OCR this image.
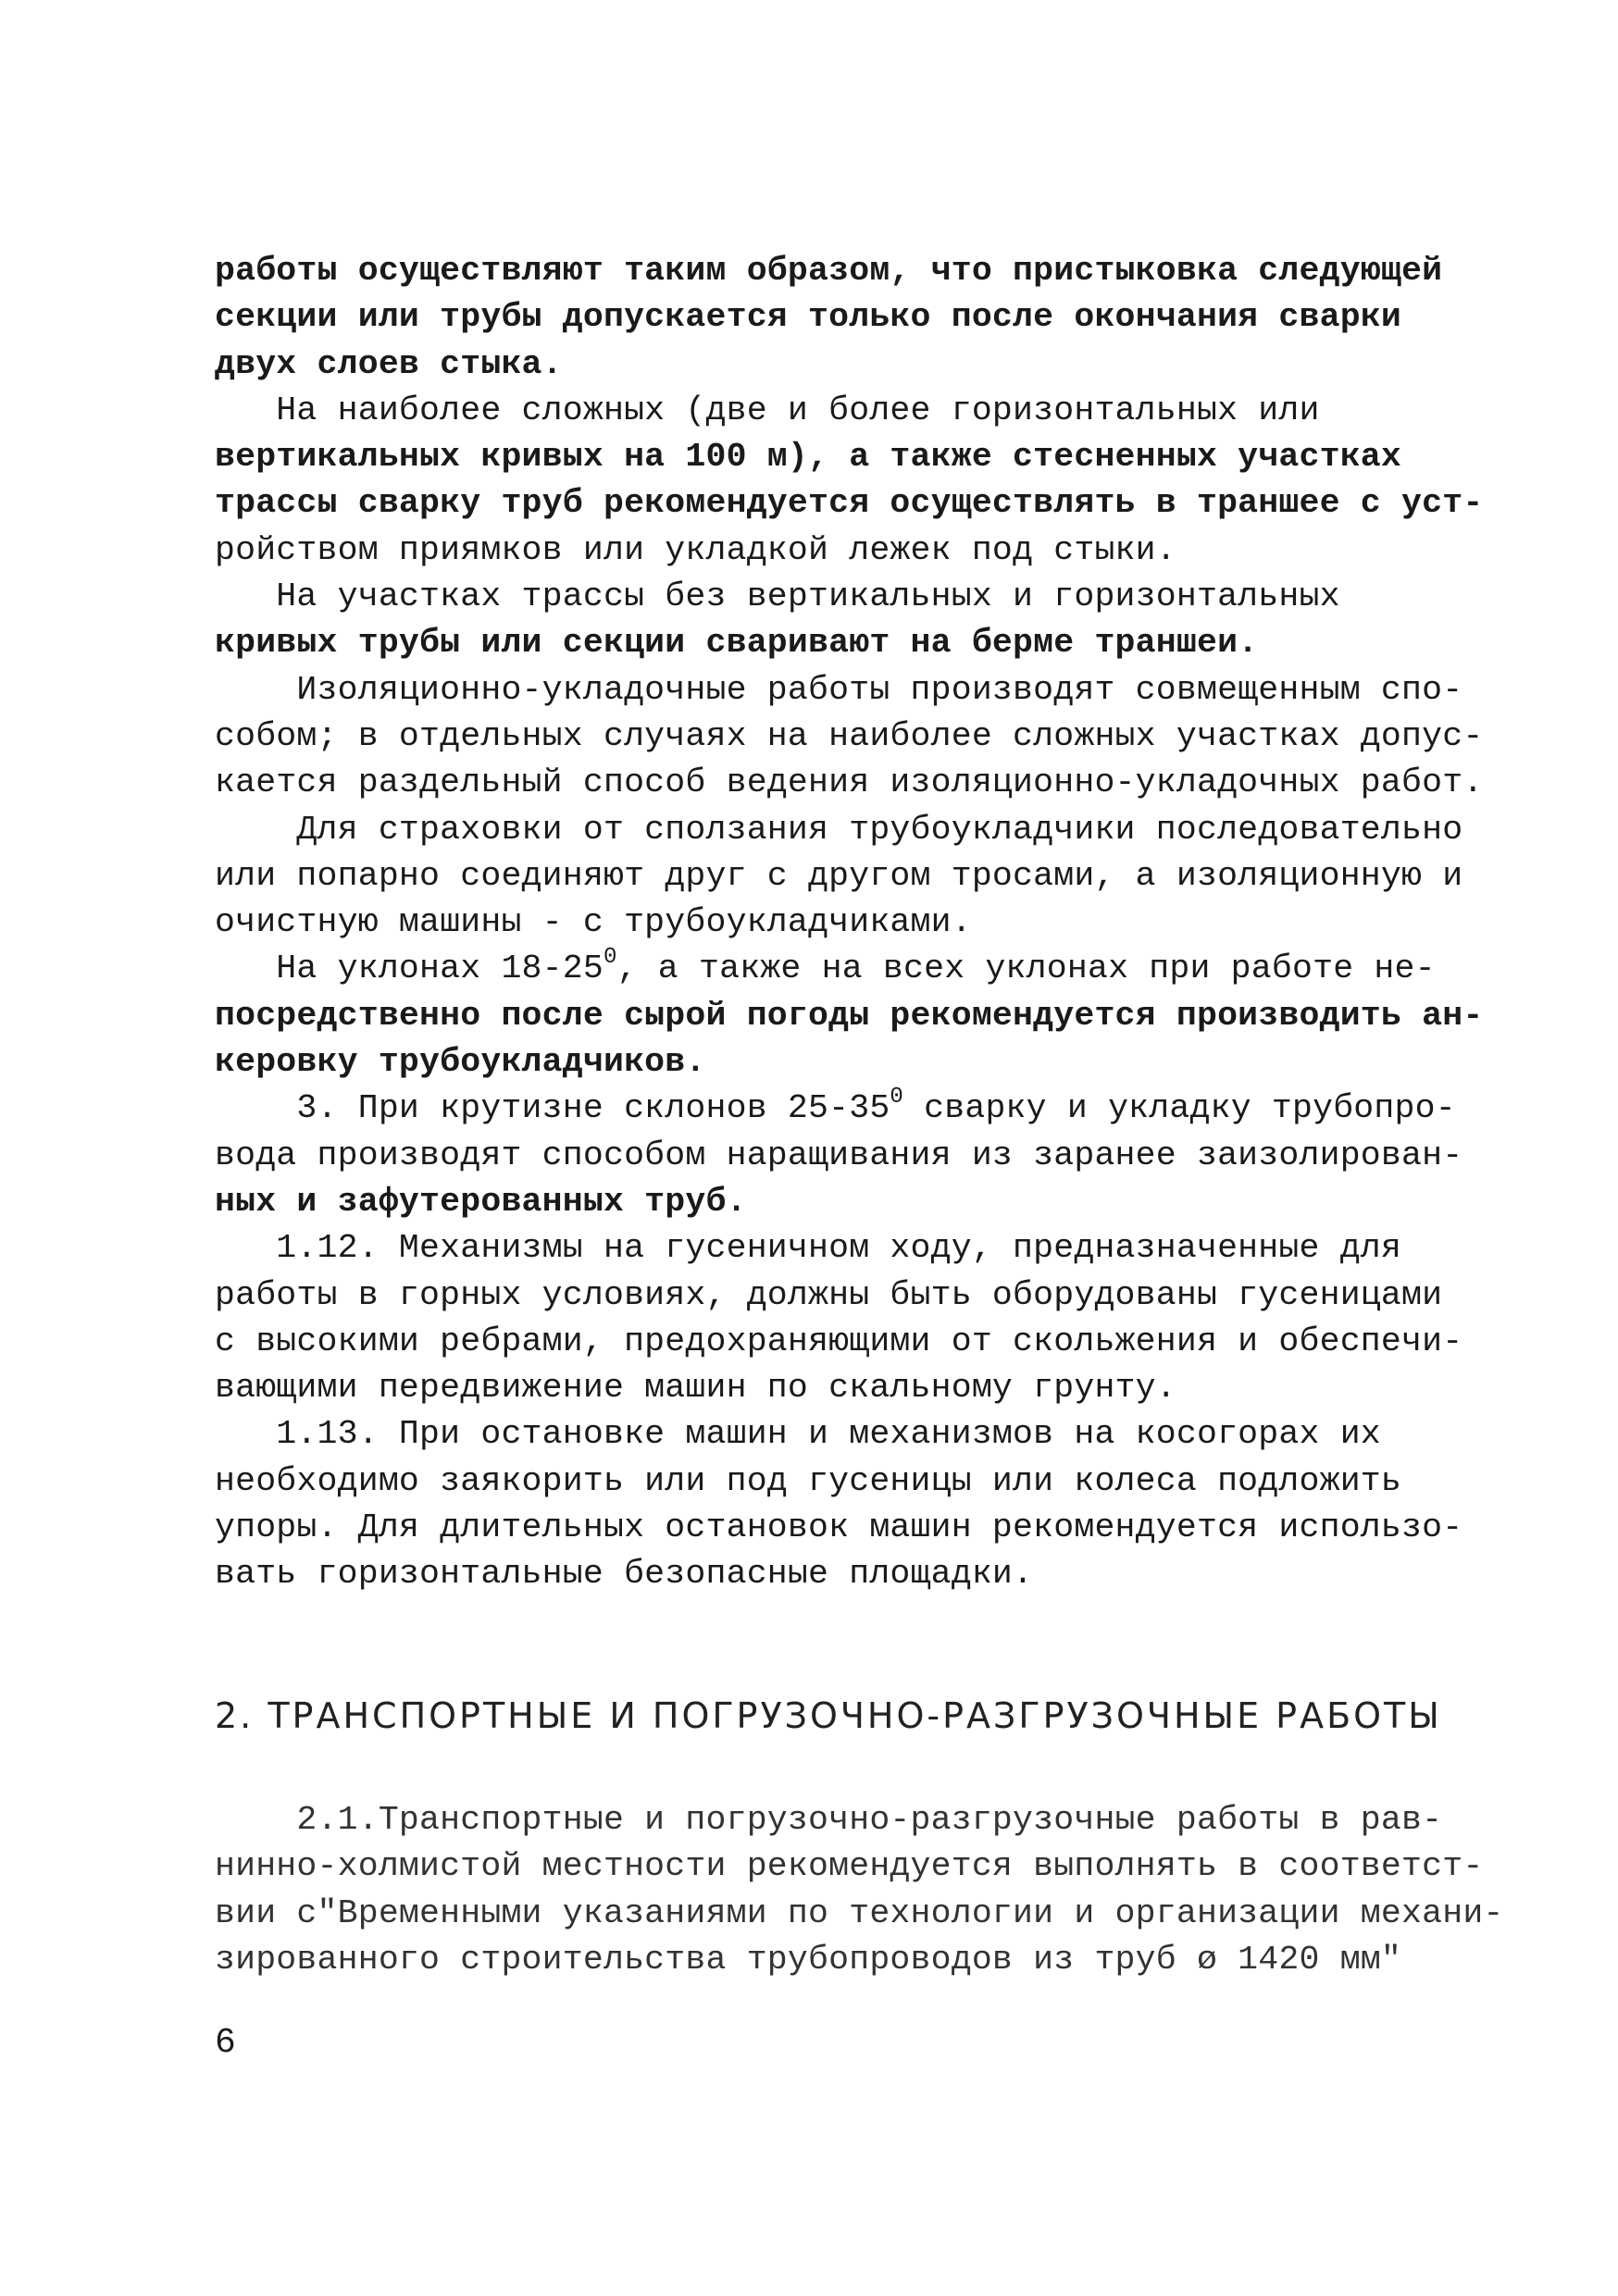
работы осуществляют таким образом, что пристыковка следующей
секции или трубы допускается только после окончания сварки
двух слоев стыка.
На наиболее сложных (две и более горизонтальных или
вертикальных кривых на 100 м), а также стесненных участках
трассы сварку труб рекомендуется осуществлять в траншее с уст-
ройством приямков или укладкой лежек под стыки.
На участках трассы без вертикальных и горизонтальных
кривых трубы или секции сваривают на берме траншеи.
Изоляционно-укладочные работы производят совмещенным спо-
собом; в отдельных случаях на наиболее сложных участках допус-
кается раздельный способ ведения изоляционно-укладочных работ.
Для страховки от сползания трубоукладчики последовательно
или попарно соединяют друг с другом тросами, а изоляционную и
очистную машины - с трубоукладчиками.
На уклонах $18-25^0$, а также на всех уклонах при работе не-
посредственно после сырой погоды рекомендуется производить ан-
керовку трубоукладчиков.
3. При крутизне склонов $25-35^0$ сварку и укладку трубопро-
вода производят способом наращивания из заранее заизолирован-
ных и зафутерованных труб.
1.12. Механизмы на гусеничном ходу, предназначенные для
работы в горных условиях, должны быть оборудованы гусеницами
с высокими ребрами, предохраняющими от скольжения и обеспечи-
вающими передвижение машин по скальному грунту.
1.13. При остановке машин и механизмов на косогорах их
необходимо заякорить или под гусеницы или колеса подложить
упоры. Для длительных остановок машин рекомендуется использо-
вать горизонтальные безопасные площадки.
2. ТРАНСПОРТНЫЕ И ПОГРУЗОЧНО-РАЗГРУЗОЧНЫЕ РАБОТЫ
2.1.Транспортные и погрузочно-разгрузочные работы в рав-
нинно-холмистой местности рекомендуется выполнять в соответст-
вии с"Временными указаниями по технологии и организации механи-
зированного строительства трубопроводов из труб ø 1420 мм"
6
